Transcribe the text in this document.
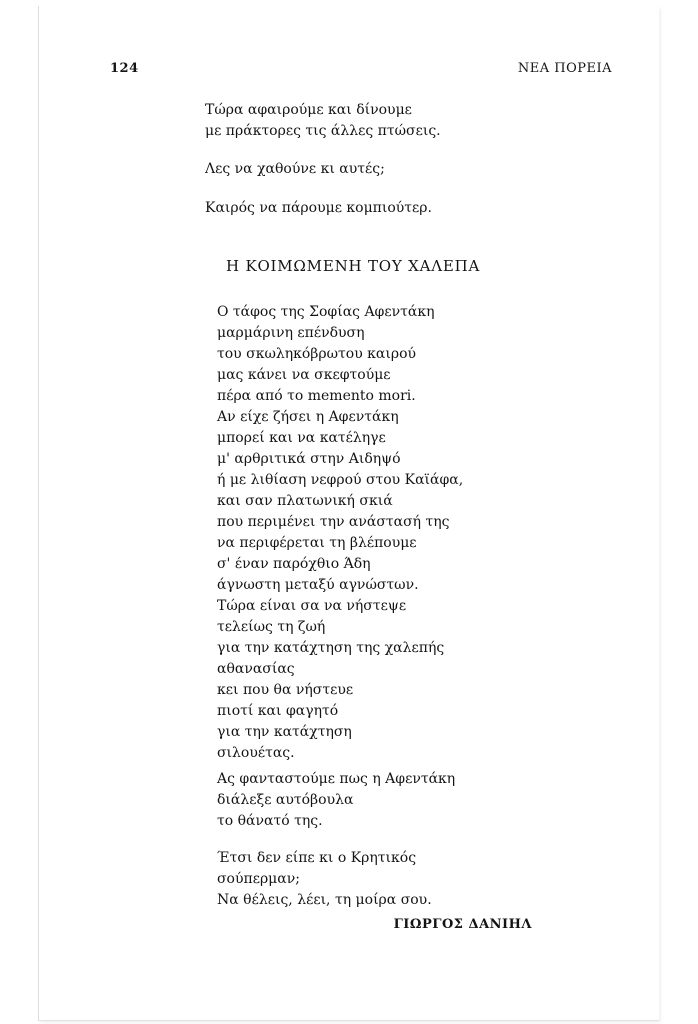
124	ΝΕΑ ΠΟΡΕΙΑ
Τώρα αφαιρούμε και δίνουμε
με πράκτορες τις άλλες πτώσεις.
Λες να χαθούνε κι αυτές;
Καιρός να πάρουμε κομπιούτερ.
Η ΚΟΙΜΩΜΕΝΗ ΤΟΥ ΧΑΛΕΠΑ
Ο τάφος της Σοφίας Αφεντάκη
μαρμάρινη επένδυση
του σκωληκόβρωτου καιρού
μας κάνει να σκεφτούμε
πέρα από το memento mori.
Αν είχε ζήσει η Αφεντάκη
μπορεί και να κατέληγε
μ' αρθριτικά στην Αιδηψό
ή με λιθίαση νεφρού στου Καϊάφα,
και σαν πλατωνική σκιά
που περιμένει την ανάστασή της
να περιφέρεται τη βλέπουμε
σ' έναν παρόχθιο Άδη
άγνωστη μεταξύ αγνώστων.
Τώρα είναι σα να νήστεψε
τελείως τη ζωή
για την κατάχτηση της χαλεπής
αθανασίας
κει που θα νήστευε
πιοτί και φαγητό
για την κατάχτηση
σιλουέτας.
Ας φανταστούμε πως η Αφεντάκη
διάλεξε αυτόβουλα
το θάνατό της.
Έτσι δεν είπε κι ο Κρητικός
σούπερμαν;
Να θέλεις, λέει, τη μοίρα σου.
ΓΙΩΡΓΟΣ ΔΑΝΙΗΛ
